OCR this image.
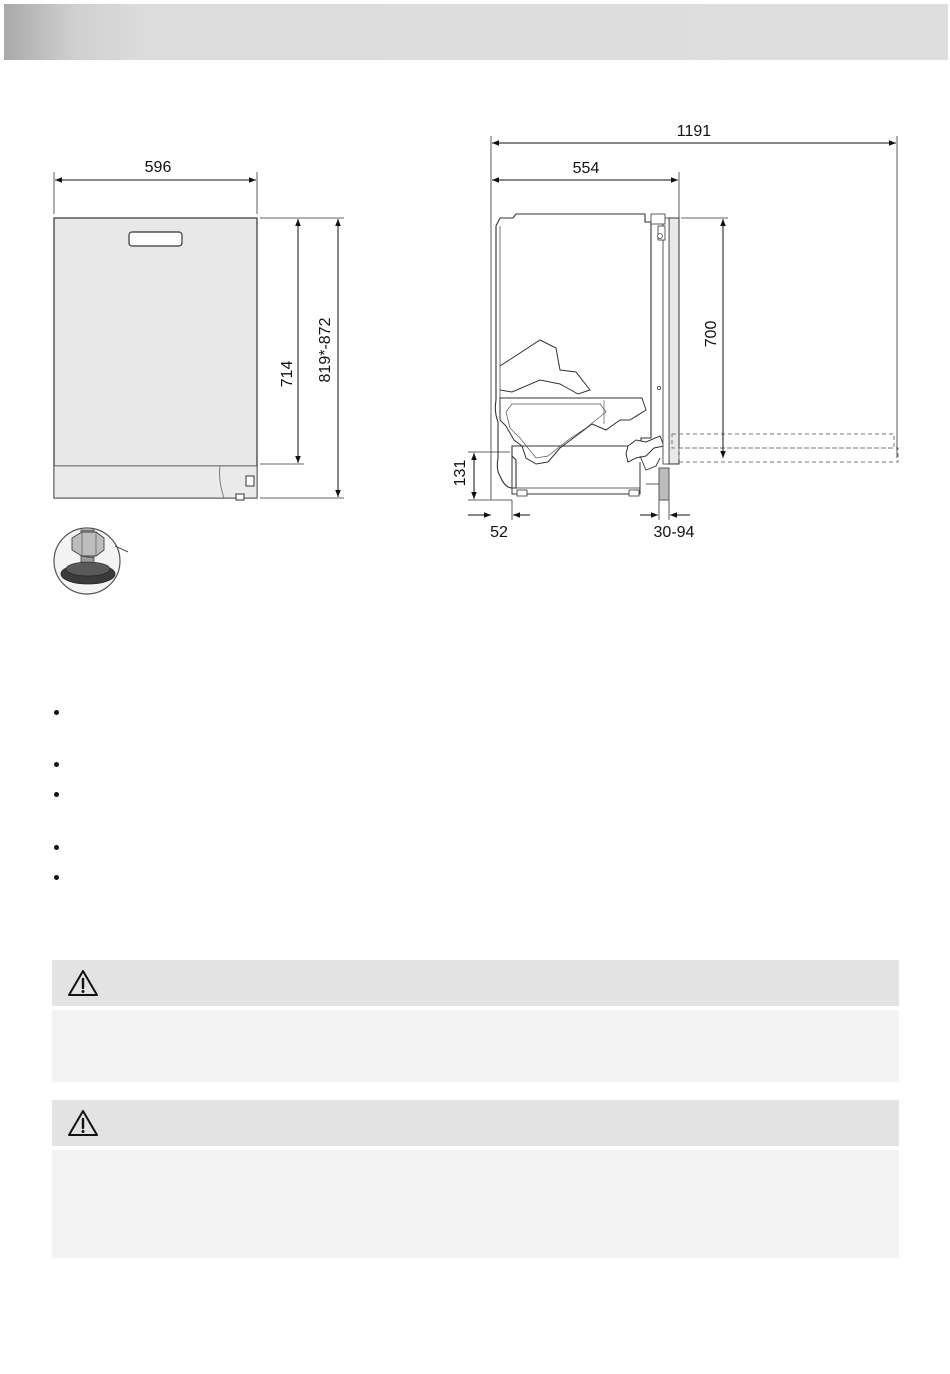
596
714 819*-872
1191
554
700
131
52	30-94
